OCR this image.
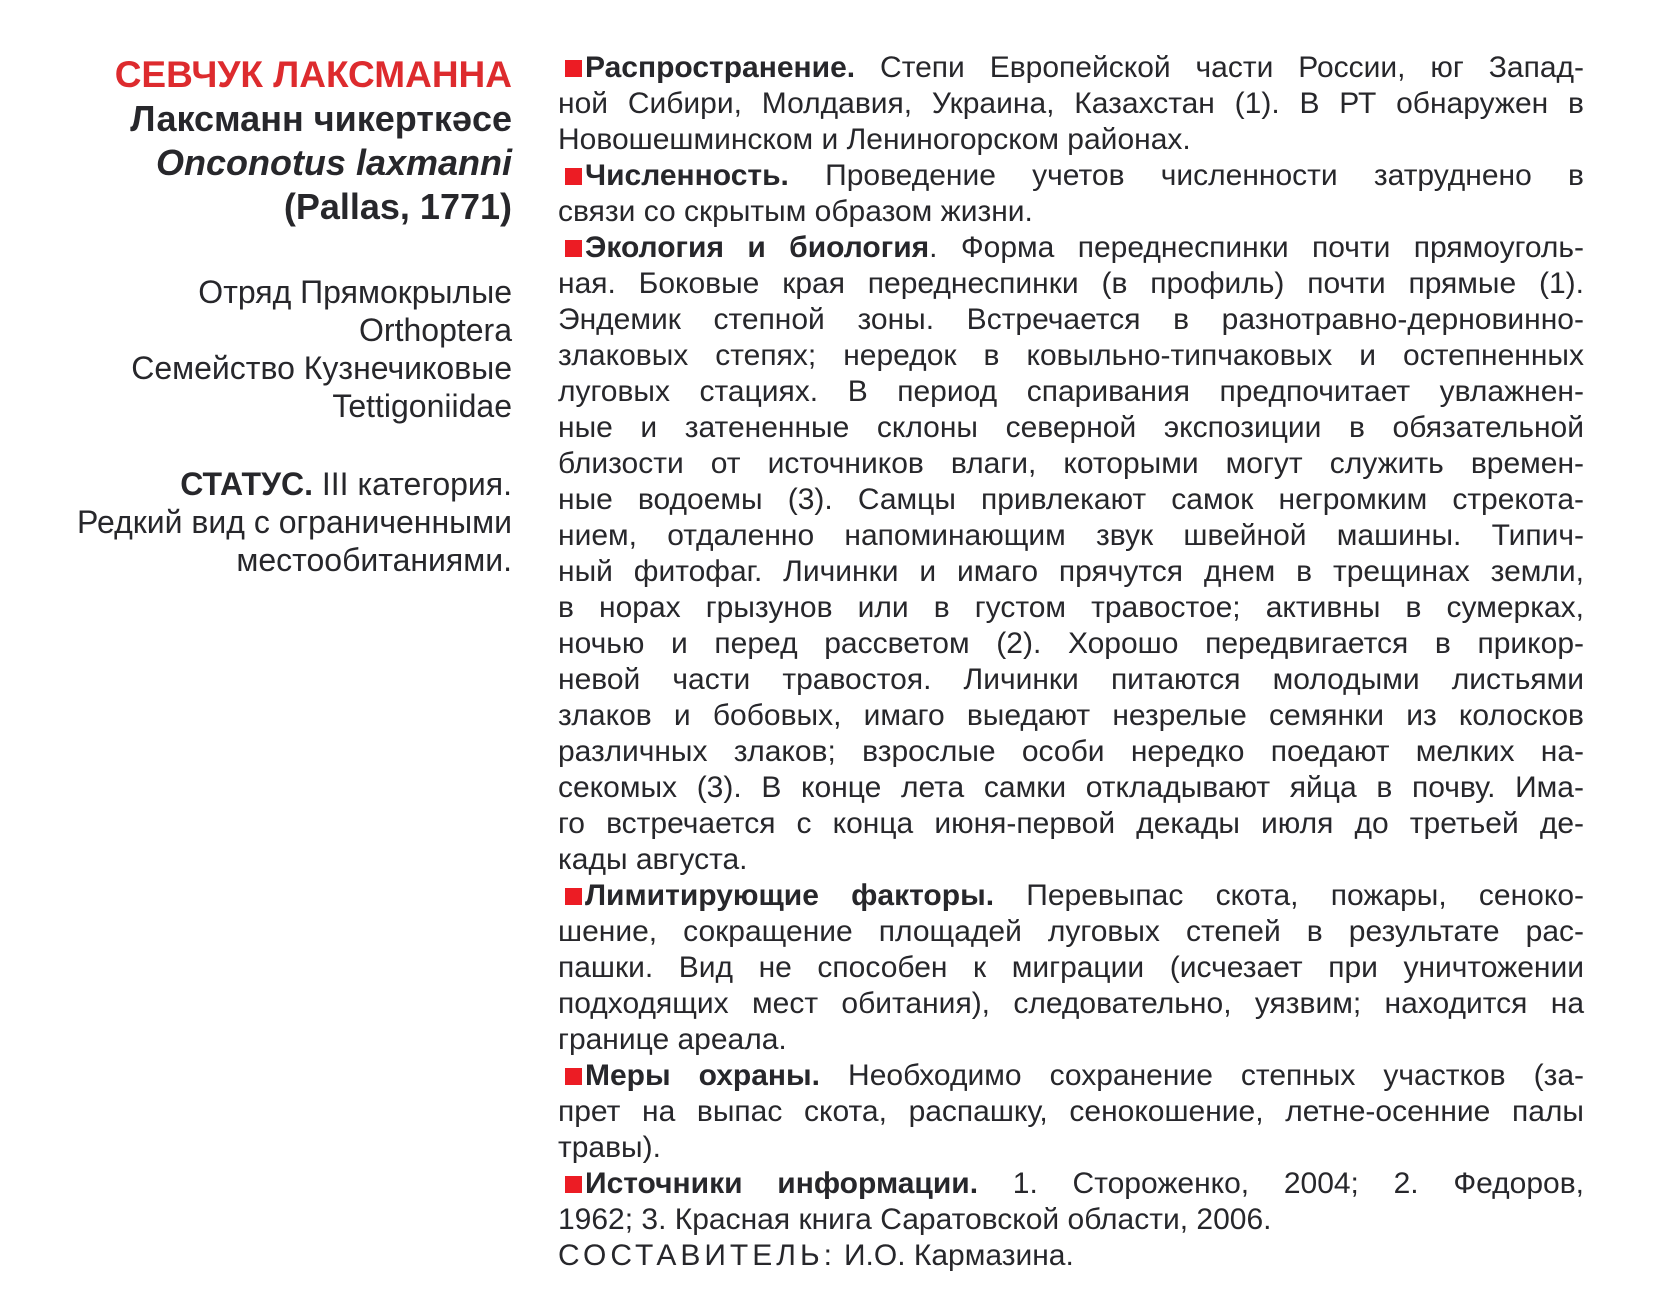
СЕВЧУК ЛАКСМАННА
Лаксманн чикерткәсе
Onconotus laxmanni
(Pallas, 1771)
Отряд Прямокрылые Orthoptera
Семейство Кузнечиковые
Tettigoniidae
СТАТУС. III категория.
Редкий вид с ограниченными
местообитаниями.
Распространение. Степи Европейской части России, юг Запад-
ной Сибири, Молдавия, Украина, Казахстан (1). В РТ обнаружен в
Новошешминском и Лениногорском районах.
Численность. Проведение учетов численности затруднено в
связи со скрытым образом жизни.
Экология и биология. Форма переднеспинки почти прямоуголь-
ная. Боковые края переднеспинки (в профиль) почти прямые (1).
Эндемик степной зоны. Встречается в разнотравно-дерновинно-
злаковых степях; нередок в ковыльно-типчаковых и остепненных
луговых стациях. В период спаривания предпочитает увлажнен-
ные и затененные склоны северной экспозиции в обязательной
близости от источников влаги, которыми могут служить времен-
ные водоемы (3). Самцы привлекают самок негромким стрекота-
нием, отдаленно напоминающим звук швейной машины. Типич-
ный фитофаг. Личинки и имаго прячутся днем в трещинах земли,
в норах грызунов или в густом травостое; активны в сумерках,
ночью и перед рассветом (2). Хорошо передвигается в прикор-
невой части травостоя. Личинки питаются молодыми листьями
злаков и бобовых, имаго выедают незрелые семянки из колосков
различных злаков; взрослые особи нередко поедают мелких на-
секомых (3). В конце лета самки откладывают яйца в почву. Има-
го встречается с конца июня-первой декады июля до третьей де-
кады августа.
Лимитирующие факторы. Перевыпас скота, пожары, сеноко-
шение, сокращение площадей луговых степей в результате рас-
пашки. Вид не способен к миграции (исчезает при уничтожении
подходящих мест обитания), следовательно, уязвим; находится на
границе ареала.
Меры охраны. Необходимо сохранение степных участков (за-
прет на выпас скота, распашку, сенокошение, летне-осенние палы
травы).
Источники информации. 1. Стороженко, 2004; 2. Федоров,
1962; 3. Красная книга Саратовской области, 2006.
СОСТАВИТЕЛЬ: И.О. Кармазина.
